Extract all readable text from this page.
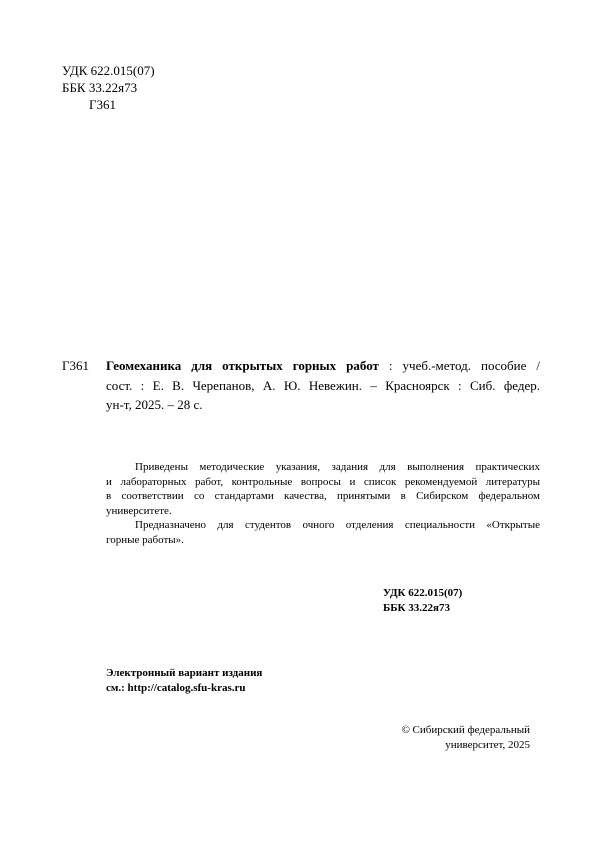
УДК 622.015(07)
ББК 33.22я73
Г361
Г361 Геомеханика для открытых горных работ : учеб.-метод. пособие /
сост. : Е. В. Черепанов, А. Ю. Невежин. – Красноярск : Сиб. федер.
ун-т, 2025. – 28 с.

Приведены методические указания, задания для выполнения практических
и лабораторных работ, контрольные вопросы и список рекомендуемой литературы
в соответствии со стандартами качества, принятыми в Сибирском федеральном
университете.

Предназначено для студентов очного отделения специальности «Открытые
горные работы».

УДК 622.015(07)
ББК 33.22я73
Электронный вариант издания
см.: http://catalog.sfu-kras.ru
© Сибирский федеральный
университет, 2025
